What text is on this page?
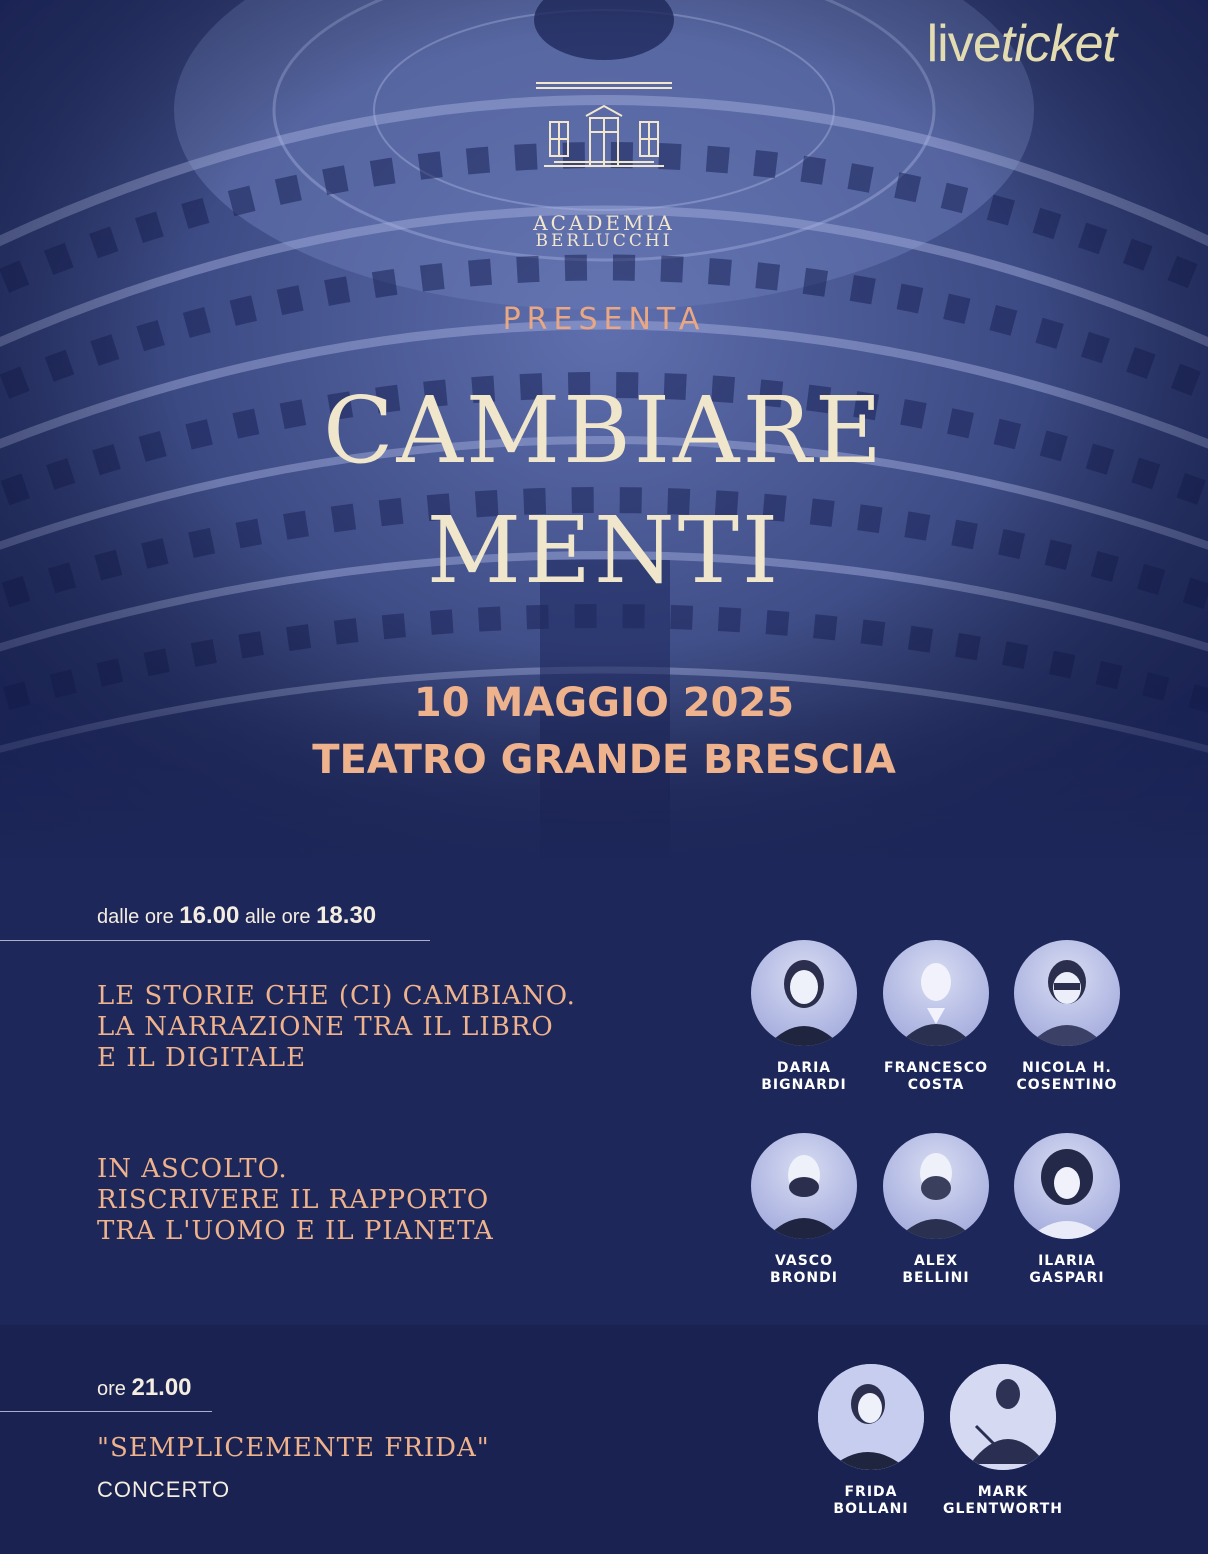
liveticket
ACADEMIA
BERLUCCHI
PRESENTA
CAMBIARE
MENTI
10 MAGGIO 2025
TEATRO GRANDE BRESCIA
dalle ore 16.00 alle ore 18.30
LE STORIE CHE (CI) CAMBIANO.
LA NARRAZIONE TRA IL LIBRO
E IL DIGITALE	DARIA
BIGNARDI
FRANCESCO
COSTA
NICOLA H.
COSENTINO
IN ASCOLTO.
RISCRIVERE IL RAPPORTO
TRA L'UOMO E IL PIANETA
VASCO
BRONDI
ALEX
BELLINI
ILARIA
GASPARI
ore 21.00
"SEMPLICEMENTE FRIDA"
CONCERTO	FRIDA
BOLLANI
MARK
GLENTWORTH
